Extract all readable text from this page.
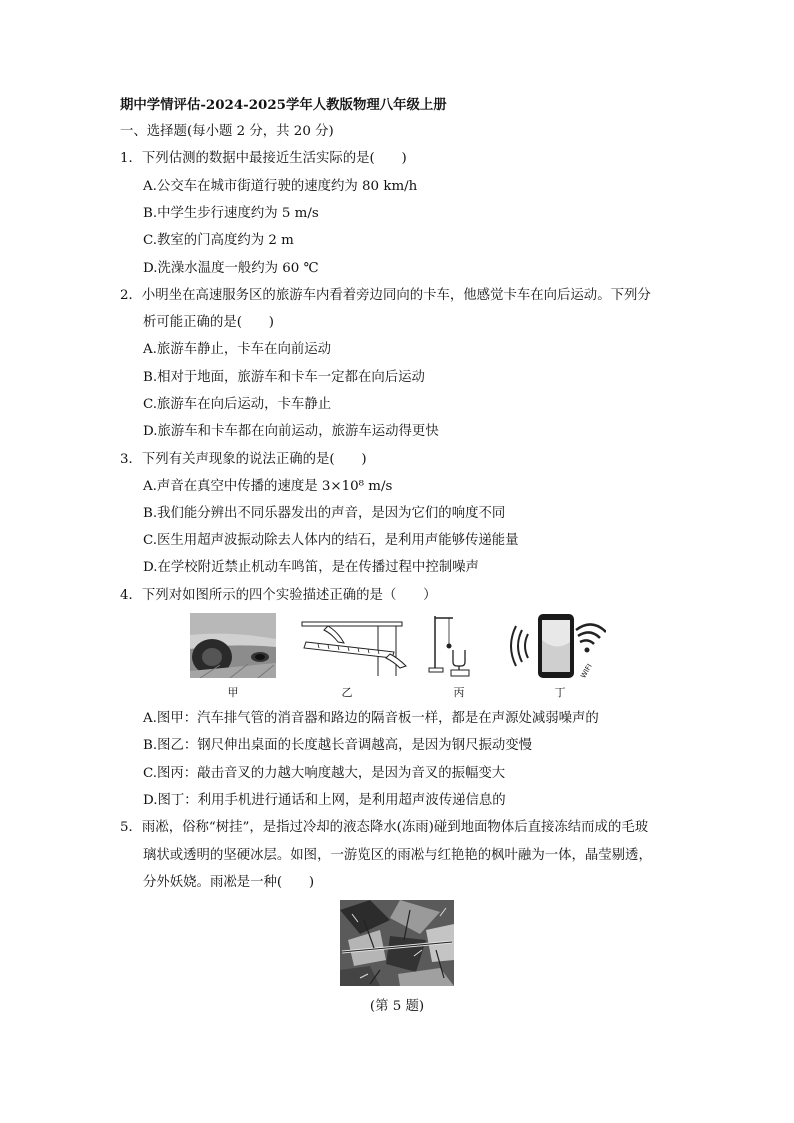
期中学情评估-2024-2025学年人教版物理八年级上册
一、选择题(每小题 2 分，共 20 分)
1．下列估测的数据中最接近生活实际的是(　　)
A.公交车在城市街道行驶的速度约为 80 km/h
B.中学生步行速度约为 5 m/s
C.教室的门高度约为 2 m
D.洗澡水温度一般约为 60 ℃
2．小明坐在高速服务区的旅游车内看着旁边同向的卡车，他感觉卡车在向后运动。下列分
析可能正确的是(　　)
A.旅游车静止，卡车在向前运动
B.相对于地面，旅游车和卡车一定都在向后运动
C.旅游车在向后运动，卡车静止
D.旅游车和卡车都在向前运动，旅游车运动得更快
3．下列有关声现象的说法正确的是(　　)
A.声音在真空中传播的速度是 3×10⁸ m/s
B.我们能分辨出不同乐器发出的声音，是因为它们的响度不同
C.医生用超声波振动除去人体内的结石，是利用声能够传递能量
D.在学校附近禁止机动车鸣笛，是在传播过程中控制噪声
4．下列对如图所示的四个实验描述正确的是（　　）
甲	乙	丙
WIFI
丁
A.图甲：汽车排气管的消音器和路边的隔音板一样，都是在声源处减弱噪声的
B.图乙：钢尺伸出桌面的长度越长音调越高，是因为钢尺振动变慢
C.图丙：敲击音叉的力越大响度越大，是因为音叉的振幅变大
D.图丁：利用手机进行通话和上网，是利用超声波传递信息的
5．雨凇，俗称“树挂”，是指过冷却的液态降水(冻雨)碰到地面物体后直接冻结而成的毛玻
璃状或透明的坚硬冰层。如图，一游览区的雨凇与红艳艳的枫叶融为一体，晶莹剔透，
分外妖娆。雨凇是一种(　　)
(第 5 题)
